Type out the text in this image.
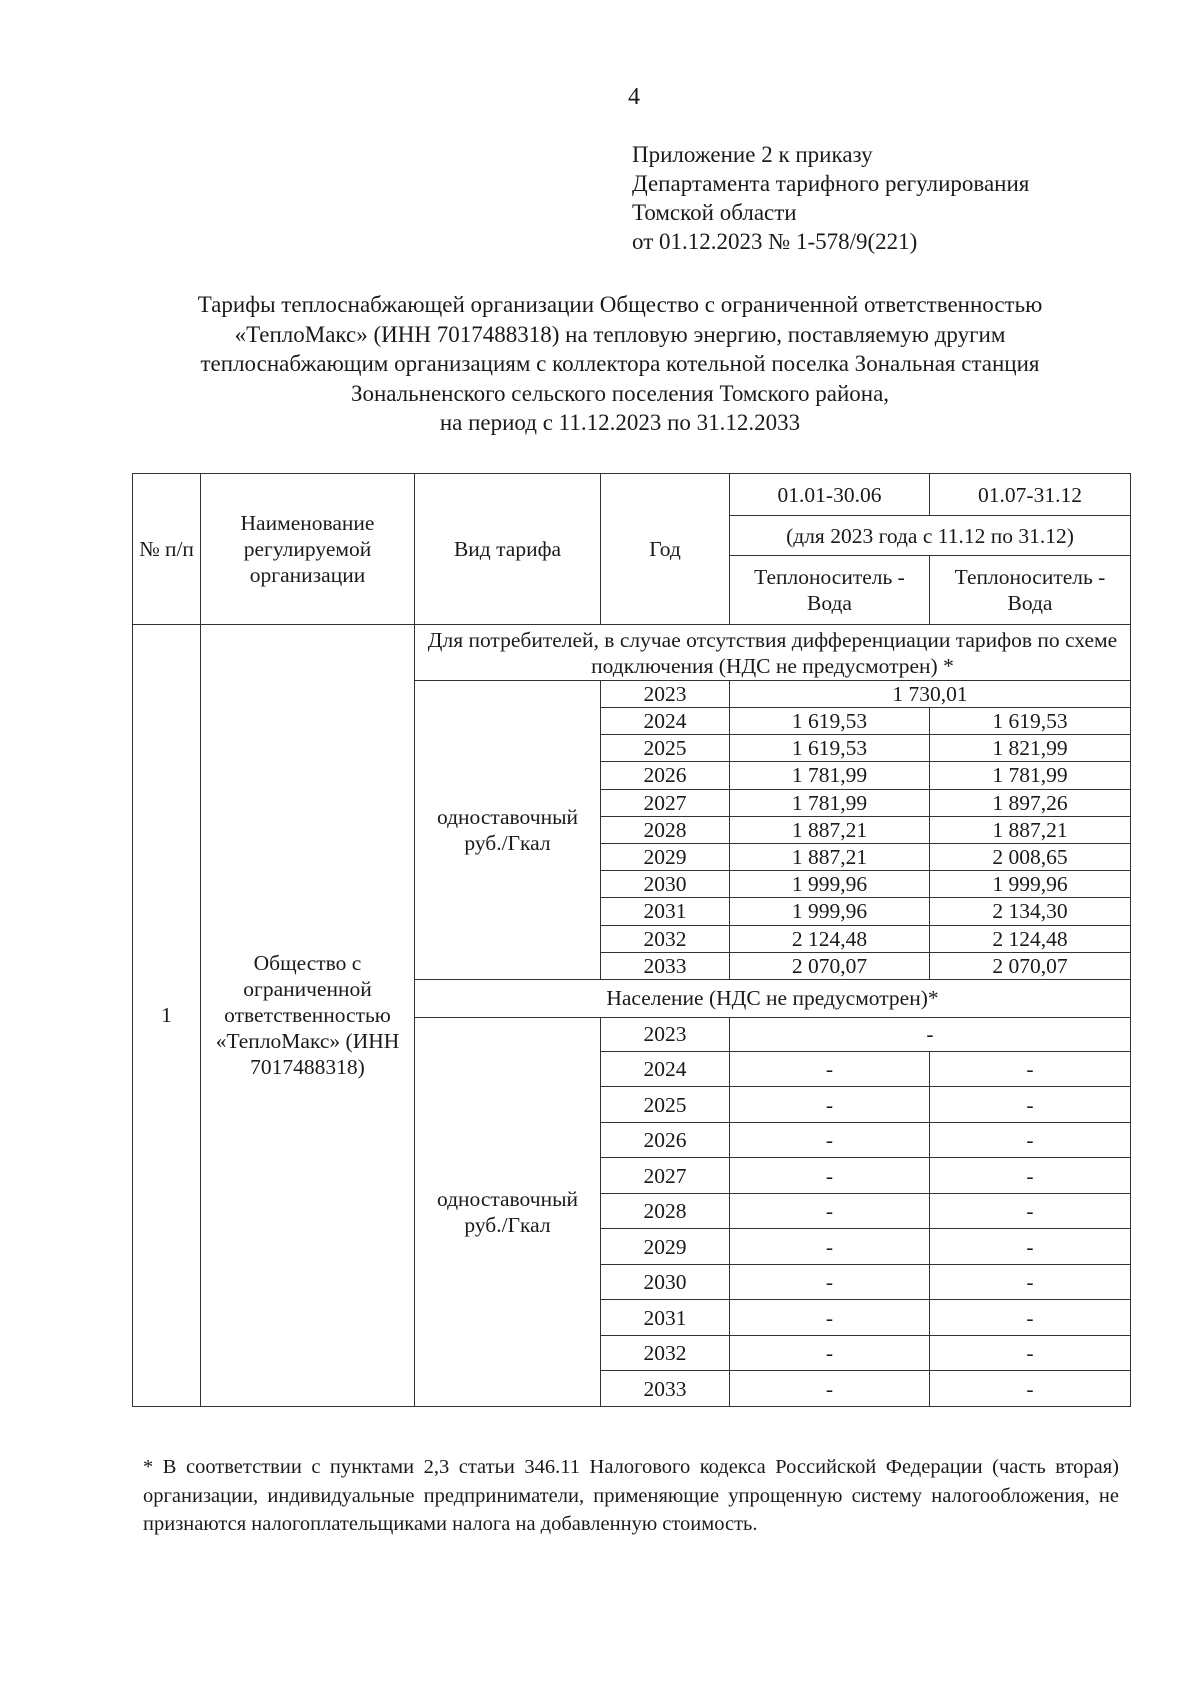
4
Приложение 2 к приказу
Департамента тарифного регулирования
Томской области
от 01.12.2023 № 1-578/9(221)
Тарифы теплоснабжающей организации Общество с ограниченной ответственностью
«ТеплоМакс» (ИНН 7017488318) на тепловую энергию, поставляемую другим
теплоснабжающим организациям с коллектора котельной поселка Зональная станция
Зональненского сельского поселения Томского района,
на период с 11.12.2023 по 31.12.2033
№ п/п	Наименование регулируемой организации	Вид тарифа	Год	01.01-30.06	01.07-31.12
				(для 2023 года с 11.12 по 31.12)	
				Теплоноситель - Вода	Теплоноситель - Вода
1	Общество с ограниченной ответственностью «ТеплоМакс» (ИНН 7017488318)	Для потребителей, в случае отсутствия дифференциации тарифов по схеме подключения (НДС не предусмотрен) *			
		одноставочный руб./Гкал	2023	1 730,01	
			2024	1 619,53	1 619,53
			2025	1 619,53	1 821,99
			2026	1 781,99	1 781,99
			2027	1 781,99	1 897,26
			2028	1 887,21	1 887,21
			2029	1 887,21	2 008,65
			2030	1 999,96	1 999,96
			2031	1 999,96	2 134,30
			2032	2 124,48	2 124,48
			2033	2 070,07	2 070,07
		Население (НДС не предусмотрен)*			
		одноставочный руб./Гкал	2023	-	
			2024	-	-
			2025	-	-
			2026	-	-
			2027	-	-
			2028	-	-
			2029	-	-
			2030	-	-
			2031	-	-
			2032	-	-
			2033	-	-
* В соответствии с пунктами 2,3 статьи 346.11 Налогового кодекса Российской Федерации (часть вторая) организации, индивидуальные предприниматели, применяющие упрощенную систему налогообложения, не признаются налогоплательщиками налога на добавленную стоимость.
